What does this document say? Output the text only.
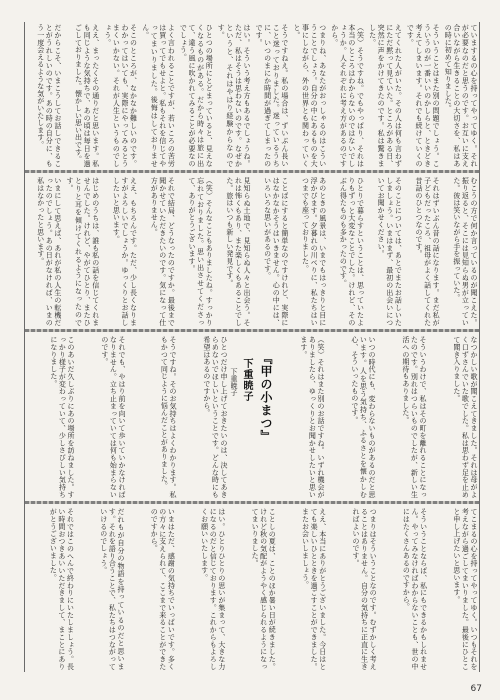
ていまするの心を持ってやってゆく。それが必要なのだと思うのです。お互いに支え合いながら生きることの大切さを、私はあの時に初めて知りました。
そういうことはまた別の問題でしょう。こういうのが一番いいのかしらと、ときどき考えてしまいます。それでも続けていくのです。
えてくれた人がいた。その人は何も言わずにただ黙って見ていた。ところがある日、突然に声をかけてきたのです。私は驚きました。
（笑）そうですね。でもやっぱり、それは本当のところはわからないのではないでしょうか。人それぞれに考え方があるのですから。
つまりね、あなたがおっしゃるのはこういうことでしょう。自分の中にあるものを大事にしながら、外の世界とも関わっていくと。
そうですねえ。私の場合は、ずいぶん長いこと迷っておりました。迷っているうちに、いつのまにか時間が過ぎてしまったのです。
はい。そういう考え方もあるでしょうね。ただ、私はそうは思わないのです。なぜかというと、それはやはり経験からなのです。
ひとつの場所にとどまっていると、見えなくなるものがある。だから時々は旅に出て、違う風に吹かれてみることが必要なのでしょう。
よく言われることですが、若いころの苦労は買ってでもせよと。私もそれを信じてやってまいりました。後悔はしておりません。
そこのところが、なかなか難しいのです。わかってはいても、実際にやってみるとうまくいかない。それが人生というものでしょう。
ええ、まったくその通りだと思います。私も同じような気持ちで、あの頃は毎日を過ごしておりました。懐かしい思い出です。
だからこそ、いまこうしてお話しできることがうれしいのです。あの時の自分に、もう一度会えるような気がいたします。
むこうの方で何か言っているのが聞こえた。振り返ると、そこには見知らぬ男が立っていた。彼は笑いながら手を振っていた。
それはずいぶん昔の話になります。まだ私が子どもだったころ、祖母がよく話してくれた昔話のひとつなのです。
そのことについては、あとでまたお話しいたしましょう。いまはまず、最初の出会いについてお聞かせください。
ひとりで暮らすということは、思っていたよりもずっと大変なことでした。けれど、そのぶん得たものも多かったのです。
あのときの風景は、いまでもはっきりと目に浮かびます。夕暮れの川べりに、私たちはいつまでも座っておりました。
ことばにすると簡単なのですけれど、実際にはなかなかそうはいきません。心の中には、いろいろな思いがあるのです。
見知らぬ土地で、見知らぬ人々と出会う。それは怖くもあり、また楽しくもあることでした。旅はいつも新しい発見です。
（笑）そんなこともありましたね。すっかり忘れておりました。思い出させてくださって、ありがとうございます。
それで結局、どうなったのですか。最後まで聞かせていただきたいのです。気になって仕方がありません。
ええ、もちろんです。ただ、少し長くなりますがよろしいでしょうか。ゆっくりとお話ししたいと思います。
はじめのうちは、誰も私の話を信じてくれませんでした。けれど、やがてひとり、またひとりと耳を傾けてくれるようになったのです。
いまにして思えば、あれが私の人生の転機だったのでしょう。あの日がなければ、いまの私はなかったと思います。
なつかしい歌が聞こえてきました。それは母がよく口ずさんでいた歌でした。私は思わず足を止めて聞き入りました。
そういうわけで、私はその町を離れることになったのです。別れはつらいものでしたが、新しい生活への期待もありました。
いつの時代にも、変わらないものがあるのだと思います。人を思う気持ち、ふるさとを懐かしむ心、そういったものです。
（笑）それはまた別のお話ですね。いずれ機会がありましたら、ゆっくりとお聞かせしたいと思います。
『甲の小まつ』
下重暁子
下重暁子
ひとつだけ申し上げておきたいのは、決してあきらめないでほしいということです。どんな時にも希望はあるのですから。
そうですね。そのお気持ちはよくわかります。私もかつて同じように悩んだことがありました。
それでも、やはり前を向いて歩いていかなければなりません。立ち止まっていては何も始まらないのです。
このあいだ久しぶりにあの場所を訪ねました。すっかり様子が変わっていて、少しさびしい気持ちになりました。
てこまるの心を持ってやってゆく。いつもそれを考えながら過ごしてまいりました。最後にひとこと申し上げたいと思います。
そういうことならば、私にもできるかもしれません。やってみなければわからないことも、世の中にはたくさんあるのですから。
つまりはそういうことなのです。むずかしく考えることはありません。自分の気持ちに正直に生きればよいのです。
ええ、本当にありがとうございました。今日はとても楽しいひとときを過ごすことができました。またお会いしましょう。
ことしの夏は、ことのほか暑い日が続きました。けれど秋の気配がようやく感じられるようになってまいりました。
はい。ひとりひとりの思いが集まって、大きな力になるのだと信じております。これからもよろしくお願いいたします。
いまはただ、感謝の気持ちでいっぱいです。多くの方々に支えられて、ここまで来ることができたのですから。
だれもが自分の物語を持っているのだと思います。それを語り合うことで、私たちはつながっていけるのでしょう。
それではこのへんで終わりにいたしましょう。長い時間おつきあいいただきまして、まことにありがとうございました。
67
